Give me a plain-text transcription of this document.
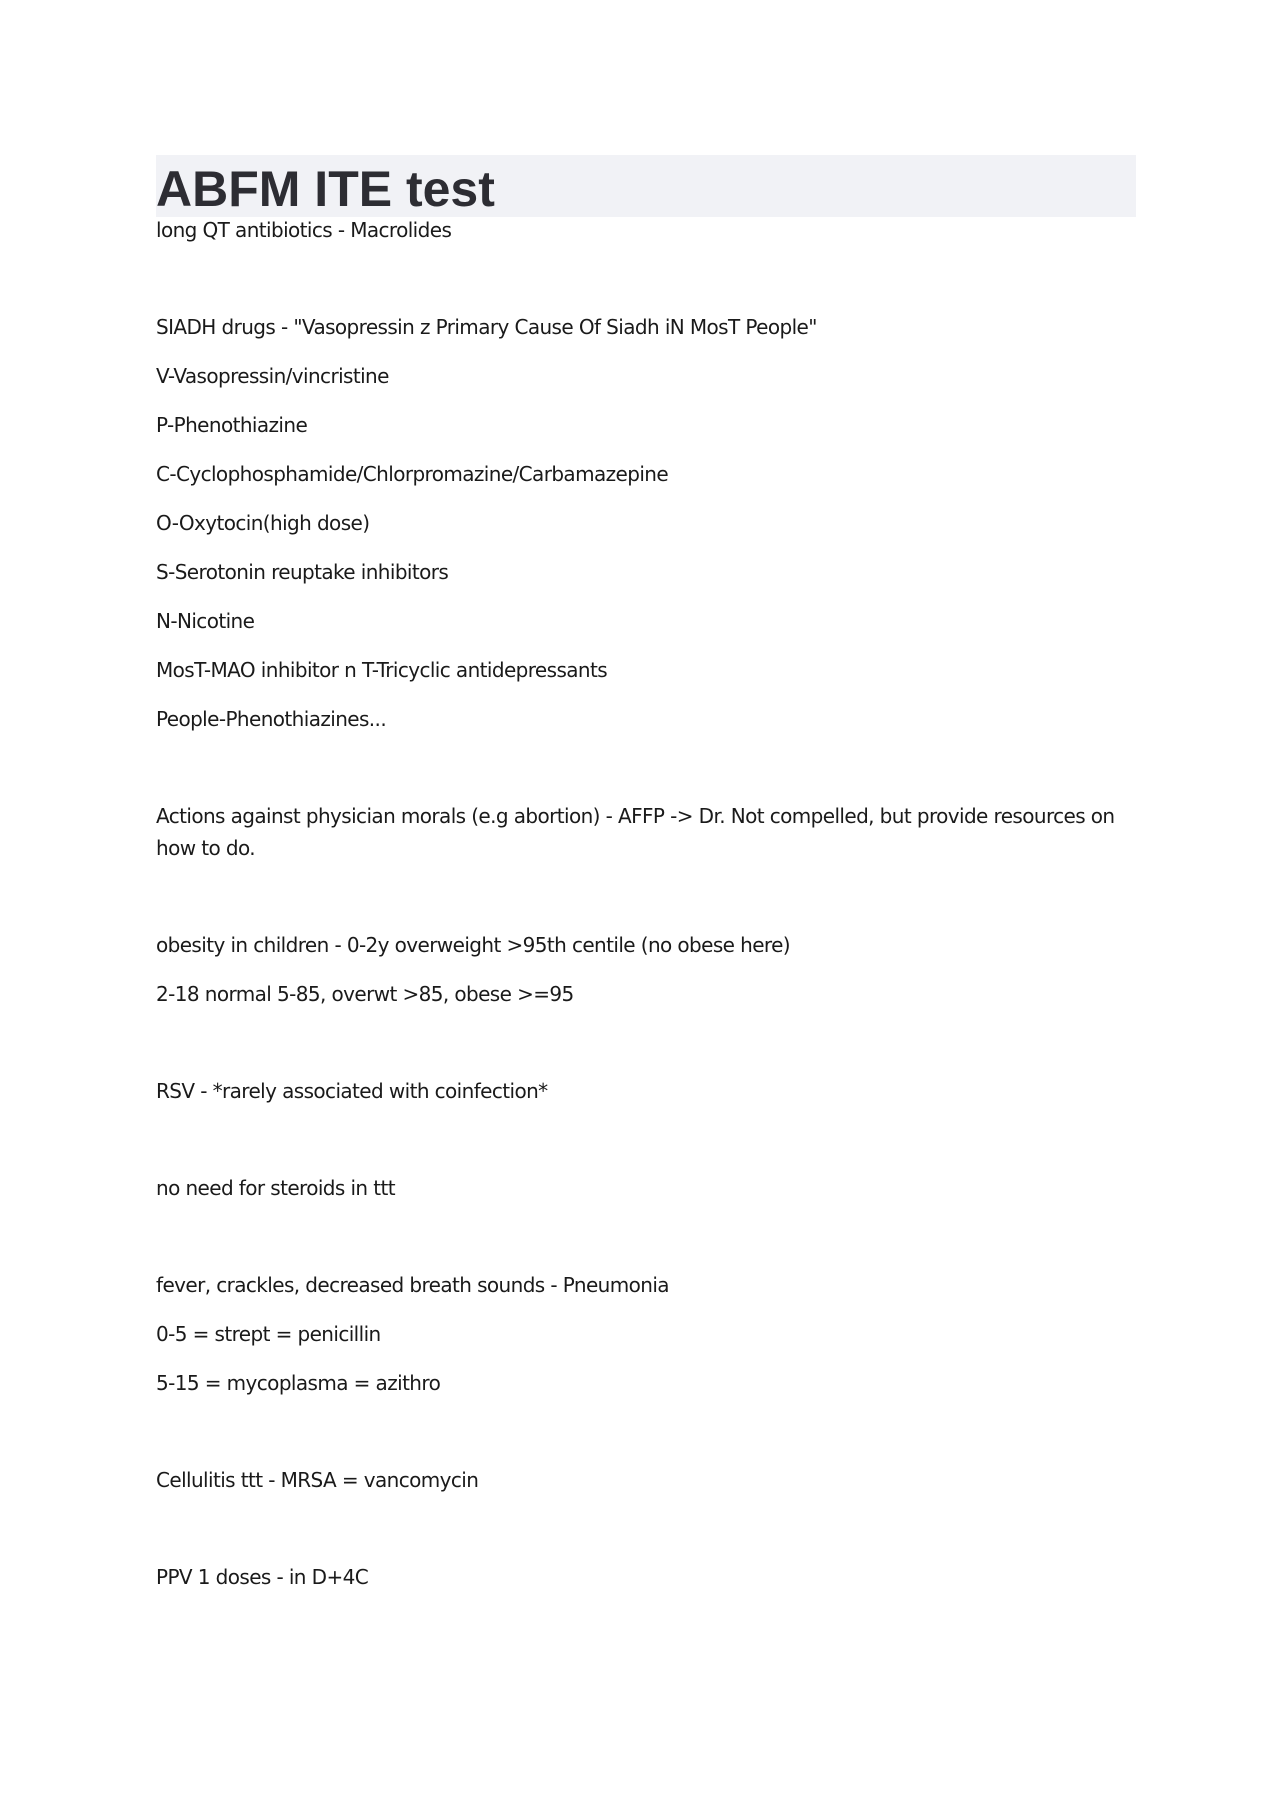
ABFM ITE test

long QT antibiotics - Macrolides

SIADH drugs - "Vasopressin z Primary Cause Of Siadh iN MosT People"

V-Vasopressin/vincristine

P-Phenothiazine

C-Cyclophosphamide/Chlorpromazine/Carbamazepine

O-Oxytocin(high dose)

S-Serotonin reuptake inhibitors

N-Nicotine

MosT-MAO inhibitor n T-Tricyclic antidepressants

People-Phenothiazines...

Actions against physician morals (e.g abortion) - AFFP -> Dr. Not compelled, but provide resources on how to do.

obesity in children - 0-2y overweight >95th centile (no obese here)

2-18 normal 5-85, overwt >85, obese >=95

RSV - *rarely associated with coinfection*

no need for steroids in ttt

fever, crackles, decreased breath sounds - Pneumonia

0-5 = strept = penicillin

5-15 = mycoplasma = azithro

Cellulitis ttt - MRSA = vancomycin

PPV 1 doses - in D+4C
